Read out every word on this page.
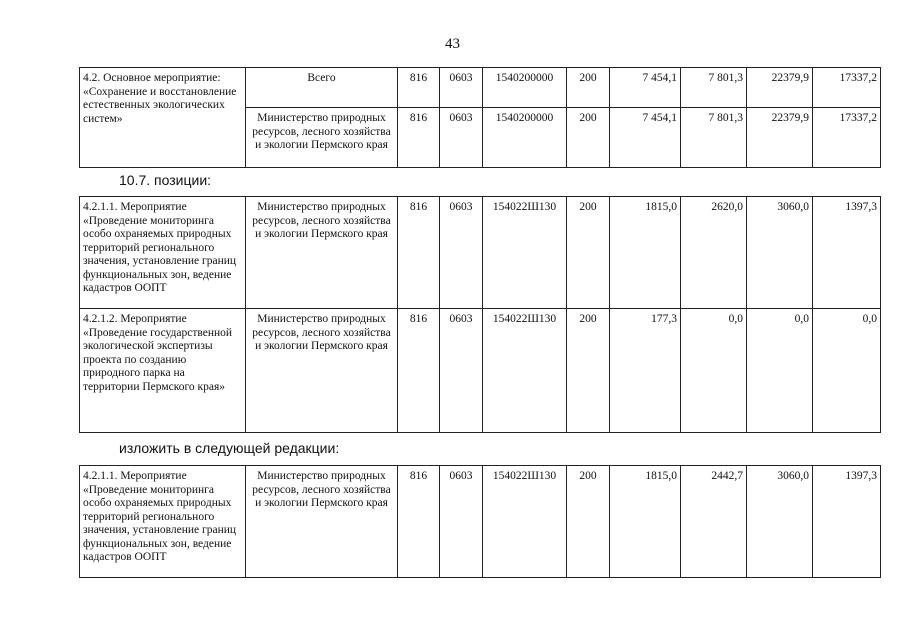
43
4.2. Основное мероприятие: «Сохранение и восстановление естественных экологических систем»	Всего	816	0603	1540200000	200	7 454,1	7 801,3	22379,9	17337,2
	Министерство природных ресурсов, лесного хозяйства и экологии Пермского края	816	0603	1540200000	200	7 454,1	7 801,3	22379,9	17337,2
10.7. позиции:
4.2.1.1. Мероприятие «Проведение мониторинга особо охраняемых природных территорий регионального значения, установление границ функциональных зон, ведение кадастров ООПТ	Министерство природных ресурсов, лесного хозяйства и экологии Пермского края	816	0603	154022Ш130	200	1815,0	2620,0	3060,0	1397,3
4.2.1.2. Мероприятие «Проведение государственной экологической экспертизы проекта по созданию природного парка на территории Пермского края»	Министерство природных ресурсов, лесного хозяйства и экологии Пермского края	816	0603	154022Ш130	200	177,3	0,0	0,0	0,0
изложить в следующей редакции:
4.2.1.1. Мероприятие «Проведение мониторинга особо охраняемых природных территорий регионального значения, установление границ функциональных зон, ведение кадастров ООПТ	Министерство природных ресурсов, лесного хозяйства и экологии Пермского края	816	0603	154022Ш130	200	1815,0	2442,7	3060,0	1397,3
